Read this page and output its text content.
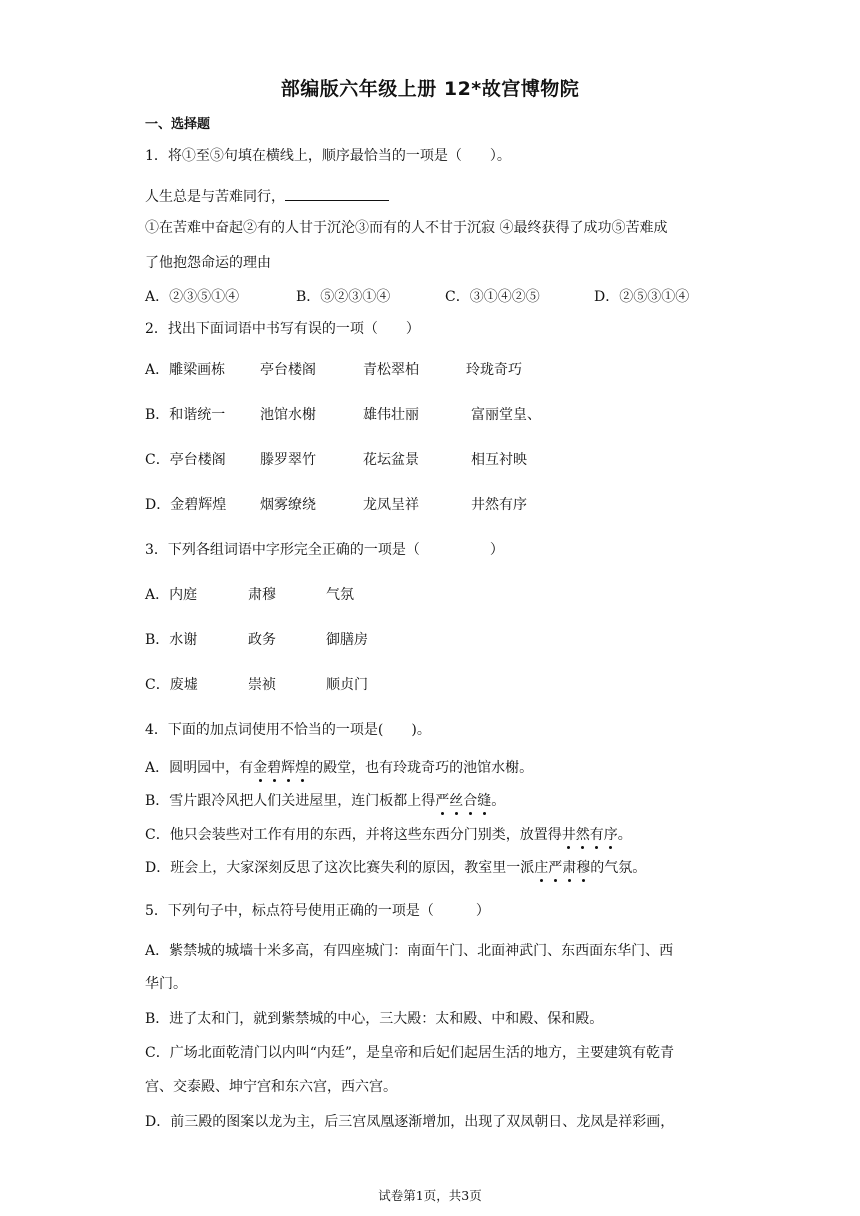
部编版六年级上册 12*故宫博物院
一、选择题
1．将①至⑤句填在横线上，顺序最恰当的一项是（　　）。
人生总是与苦难同行，
①在苦难中奋起②有的人甘于沉沦③而有的人不甘于沉寂 ④最终获得了成功⑤苦难成
了他抱怨命运的理由
A．②③⑤①④	B．⑤②③①④	C．③①④②⑤	D．②⑤③①④
2．找出下面词语中书写有误的一项（　　）
A．雕梁画栋 亭台楼阁	青松翠柏	玲珑奇巧
B．和谐统一 池馆水榭	雄伟壮丽	富丽堂皇、
C．亭台楼阁 滕罗翠竹	花坛盆景	相互衬映
D．金碧辉煌 烟雾缭绕	龙凤呈祥	井然有序
3．下列各组词语中字形完全正确的一项是（　　　　　）
A．内庭	肃穆	气氛
B．水谢	政务	御膳房
C．废墟	崇祯	顺贞门
4．下面的加点词使用不恰当的一项是(　　)。
A．圆明园中，有金碧辉煌的殿堂，也有玲珑奇巧的池馆水榭。
B．雪片跟冷风把人们关进屋里，连门板都上得严丝合缝。
C．他只会装些对工作有用的东西，并将这些东西分门别类，放置得井然有序。
D．班会上，大家深刻反思了这次比赛失利的原因，教室里一派庄严肃穆的气氛。
5．下列句子中，标点符号使用正确的一项是（　　　）
A．紫禁城的城墙十米多高，有四座城门：南面午门、北面神武门、东西面东华门、西
华门。
B．进了太和门，就到紫禁城的中心，三大殿：太和殿、中和殿、保和殿。
C．广场北面乾清门以内叫“内廷”，是皇帝和后妃们起居生活的地方，主要建筑有乾青
宫、交泰殿、坤宁宫和东六宫，西六宫。
D．前三殿的图案以龙为主，后三宫凤凰逐渐增加，出现了双凤朝日、龙凤是祥彩画，
试卷第1页，共3页
